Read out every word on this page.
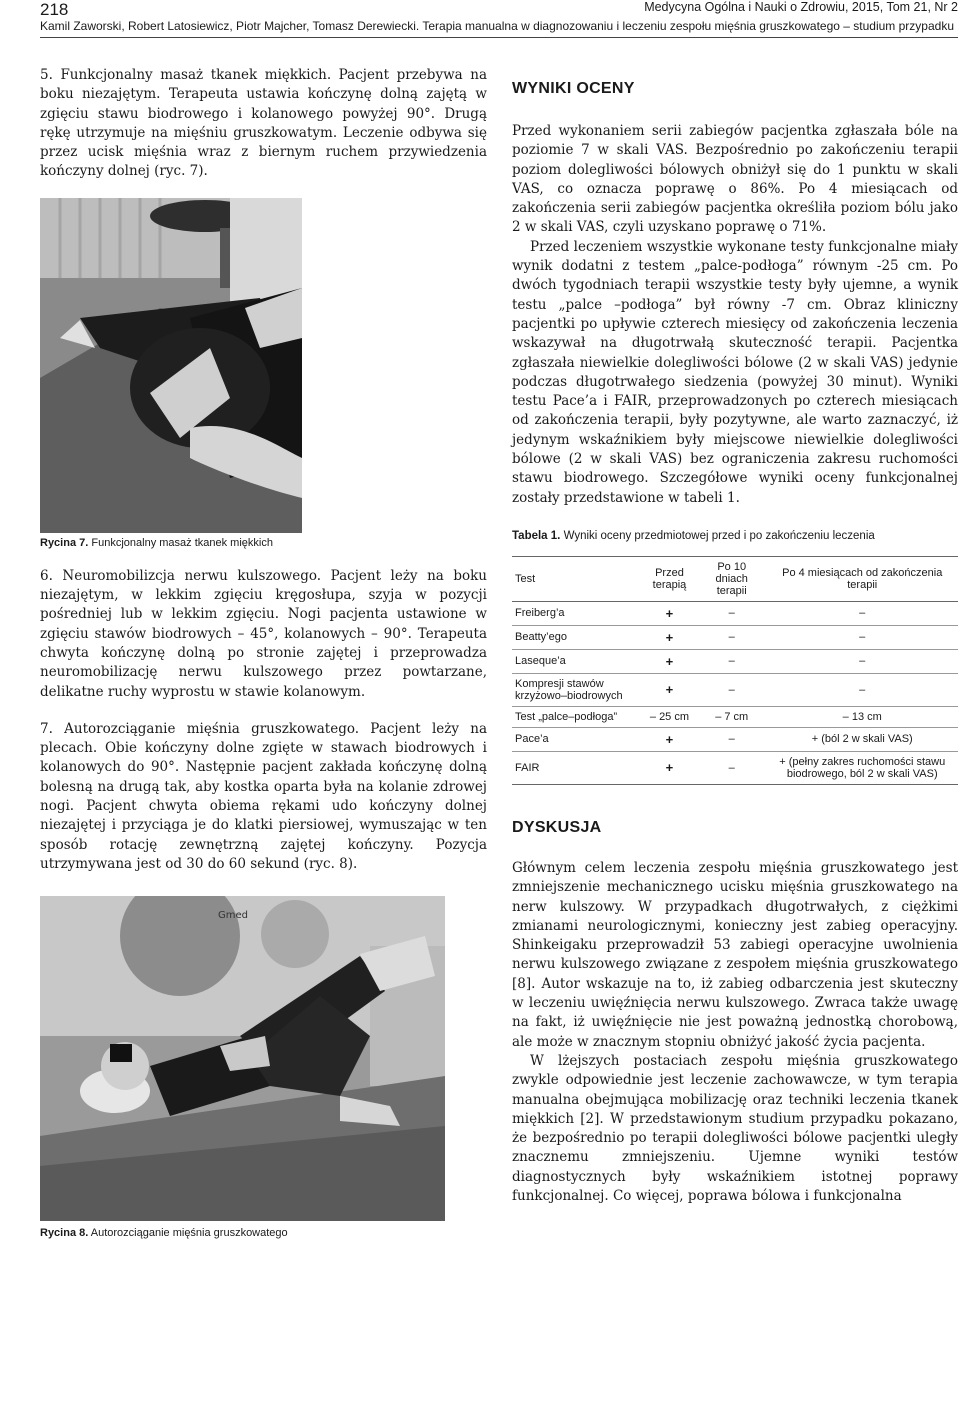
218	Medycyna Ogólna i Nauki o Zdrowiu, 2015, Tom 21, Nr 2
Kamil Zaworski, Robert Latosiewicz, Piotr Majcher, Tomasz Derewiecki. Terapia manualna w diagnozowaniu i leczeniu zespołu mięśnia gruszkowatego – studium przypadku

5. Funkcjonalny masaż tkanek miękkich. Pacjent przebywa na boku niezajętym. Terapeuta ustawia kończynę dolną zajętą w zgięciu stawu biodrowego i kolanowego powyżej 90°. Drugą rękę utrzymuje na mięśniu gruszkowatym. Leczenie odbywa się przez ucisk mięśnia wraz z biernym ruchem przywiedzenia kończyny dolnej (ryc. 7).

Rycina 7. Funkcjonalny masaż tkanek miękkich

6. Neuromobilizcja nerwu kulszowego. Pacjent leży na boku niezajętym, w lekkim zgięciu kręgosłupa, szyja w pozycji pośredniej lub w lekkim zgięciu. Nogi pacjenta ustawione w zgięciu stawów biodrowych – 45°, kolanowych – 90°. Terapeuta chwyta kończynę dolną po stronie zajętej i przeprowadza neuromobilizację nerwu kulszowego przez powtarzane, delikatne ruchy wyprostu w stawie kolanowym.

7. Autorozciąganie mięśnia gruszkowatego. Pacjent leży na plecach. Obie kończyny dolne zgięte w stawach biodrowych i kolanowych do 90°. Następnie pacjent zakłada kończynę dolną bolesną na drugą tak, aby kostka oparta była na kolanie zdrowej nogi. Pacjent chwyta obiema rękami udo kończyny dolnej niezajętej i przyciąga je do klatki piersiowej, wymuszając w ten sposób rotację zewnętrzną zajętej kończyny. Pozycja utrzymywana jest od 30 do 60 sekund (ryc. 8).

Gmed
Rycina 8. Autorozciąganie mięśnia gruszkowatego
WYNIKI OCENY

Przed wykonaniem serii zabiegów pacjentka zgłaszała bóle na poziomie 7 w skali VAS. Bezpośrednio po zakończeniu terapii poziom dolegliwości bólowych obniżył się do 1 punktu w skali VAS, co oznacza poprawę o 86%. Po 4 miesiącach od zakończenia serii zabiegów pacjentka określiła poziom bólu jako 2 w skali VAS, czyli uzyskano poprawę o 71%.

Przed leczeniem wszystkie wykonane testy funkcjonalne miały wynik dodatni z testem „palce-podłoga” równym -25 cm. Po dwóch tygodniach terapii wszystkie testy były ujemne, a wynik testu „palce –podłoga” był równy -7 cm. Obraz kliniczny pacjentki po upływie czterech miesięcy od zakończenia leczenia wskazywał na długotrwałą skuteczność terapii. Pacjentka zgłaszała niewielkie dolegliwości bólowe (2 w skali VAS) jedynie podczas długotrwałego siedzenia (powyżej 30 minut). Wyniki testu Pace’a i FAIR, przeprowadzonych po czterech miesiącach od zakończenia terapii, były pozytywne, ale warto zaznaczyć, iż jedynym wskaźnikiem były miejscowe niewielkie dolegliwości bólowe (2 w skali VAS) bez ograniczenia zakresu ruchomości stawu biodrowego. Szczegółowe wyniki oceny funkcjonalnej zostały przedstawione w tabeli 1.

Tabela 1. Wyniki oceny przedmiotowej przed i po zakończeniu leczenia
Test	Przed terapią	Po 10 dniach terapii	Po 4 miesiącach od zakończenia terapii
Freiberg’a	+	–	–
Beatty’ego	+	–	–
Laseque’a	+	–	–
Kompresji stawów krzyżowo–biodrowych	+	–	–
Test „palce–podłoga”	– 25 cm	– 7 cm	– 13 cm
Pace’a	+	–	+ (ból 2 w skali VAS)
FAIR	+	–	+ (pełny zakres ruchomości stawu biodrowego, ból 2 w skali VAS)
DYSKUSJA

Głównym celem leczenia zespołu mięśnia gruszkowatego jest zmniejszenie mechanicznego ucisku mięśnia gruszkowatego na nerw kulszowy. W przypadkach długotrwałych, z ciężkimi zmianami neurologicznymi, konieczny jest zabieg operacyjny. Shinkeigaku przeprowadził 53 zabiegi operacyjne uwolnienia nerwu kulszowego związane z zespołem mięśnia gruszkowatego [8]. Autor wskazuje na to, iż zabieg odbarczenia jest skuteczny w leczeniu uwięźnięcia nerwu kulszowego. Zwraca także uwagę na fakt, iż uwięźnięcie nie jest poważną jednostką chorobową, ale może w znacznym stopniu obniżyć jakość życia pacjenta.

W lżejszych postaciach zespołu mięśnia gruszkowatego zwykle odpowiednie jest leczenie zachowawcze, w tym terapia manualna obejmująca mobilizację oraz techniki leczenia tkanek miękkich [2]. W przedstawionym studium przypadku pokazano, że bezpośrednio po terapii dolegliwości bólowe pacjentki uległy znacznemu zmniejszeniu. Ujemne wyniki testów diagnostycznych były wskaźnikiem istotnej poprawy funkcjonalnej. Co więcej, poprawa bólowa i funkcjonalna
